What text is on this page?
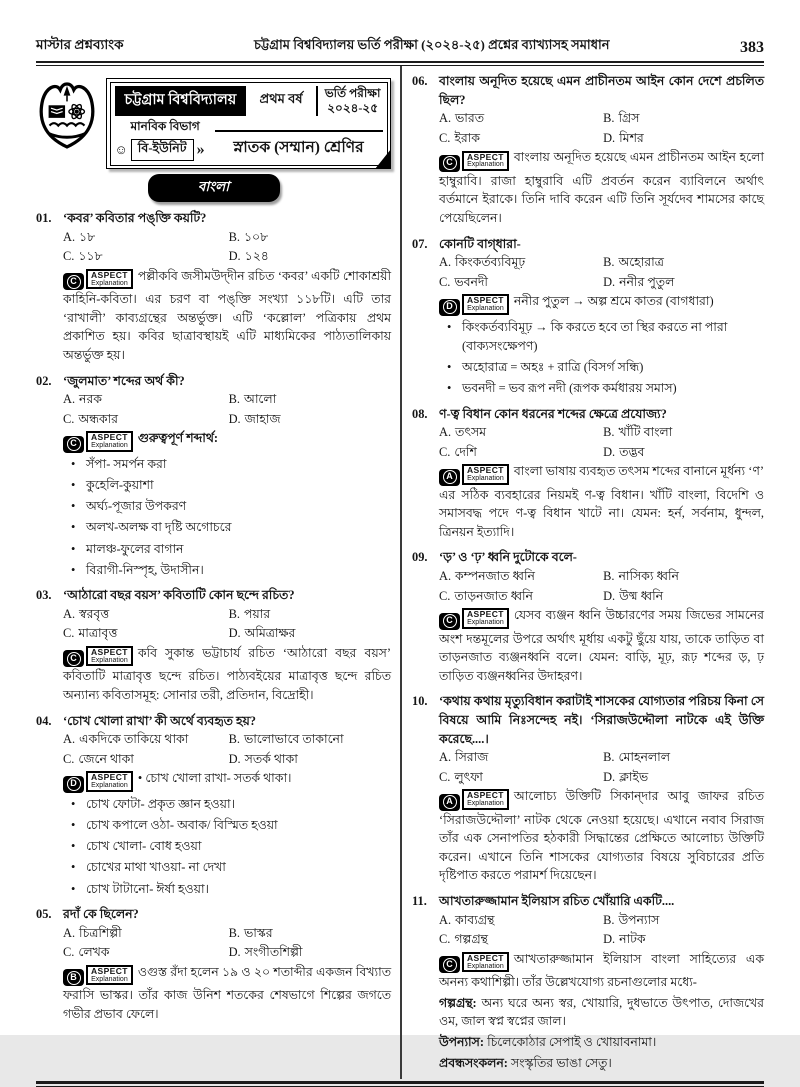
মাস্টার প্রশ্নব্যাংক	চট্টগ্রাম বিশ্ববিদ্যালয় ভর্তি পরীক্ষা (২০২৪-২৫) প্রশ্নের ব্যাখ্যাসহ সমাধান	383
চট্টগ্রাম বিশ্ববিদ্যালয়	প্রথম বর্ষ	ভর্তি পরীক্ষা
২০২৪-২৫
মানবিক বিভাগ
☺ বি-ইউনিট »	স্নাতক (সম্মান) শ্রেণির
বাংলা
01. ‘কবর’ কবিতার পঙ্‌ক্তি কয়টি?
A. ১৮	B. ১০৮
C. ১১৮	D. ১২৪
C
ASPECT
Explanation
পল্লীকবি জসীমউদ্‌দীন রচিত ‘কবর’ একটি শোকাশ্রয়ী কাহিনি-কবিতা। এর চরণ বা পঙ্‌ক্তি সংখ্যা ১১৮টি। এটি তার ‘রাখালী’ কাব্যগ্রন্থের অন্তর্ভুক্ত। এটি ‘কল্লোল’ পত্রিকায় প্রথম প্রকাশিত হয়। কবির ছাত্রাবস্থায়ই এটি মাধ্যমিকের পাঠ্যতালিকায় অন্তর্ভুক্ত হয়।
02. ‘জুলমাত’ শব্দের অর্থ কী?
A. নরক	B. আলো
C. অন্ধকার	D. জাহাজ
C
ASPECT
Explanation
গুরুত্বপূর্ণ শব্দার্থ:
• সঁপা- সমর্পন করা
• কুহেলি-কুয়াশা
• অর্ঘ্য-পূজার উপকরণ
• অলখ-অলক্ষ বা দৃষ্টি অগোচরে
• মালঞ্চ-ফুলের বাগান
• বিরাগী-নিস্পৃহ, উদাসীন।
03. ‘আঠারো বছর বয়স’ কবিতাটি কোন ছন্দে রচিত?
A. স্বরবৃত্ত	B. পয়ার
C. মাত্রাবৃত্ত	D. অমিত্রাক্ষর
C
ASPECT
Explanation
কবি সুকান্ত ভট্টাচার্য রচিত ‘আঠারো বছর বয়স’ কবিতাটি মাত্রাবৃত্ত ছন্দে রচিত। পাঠ্যবইয়ের মাত্রাবৃত্ত ছন্দে রচিত অন্যান্য কবিতাসমূহ: সোনার তরী, প্রতিদান, বিদ্রোহী।
04. ‘চোখ খোলা রাখা’ কী অর্থে ব্যবহৃত হয়?
A. একদিকে তাকিয়ে থাকা	B. ভালোভাবে তাকানো
C. জেনে থাকা	D. সতর্ক থাকা
D
ASPECT
Explanation
• চোখ খোলা রাখা- সতর্ক থাকা।
• চোখ ফোটা- প্রকৃত জ্ঞান হওয়া।
• চোখ কপালে ওঠা- অবাক/ বিস্মিত হওয়া
• চোখ খোলা- বোধ হওয়া
• চোখের মাথা খাওয়া- না দেখা
• চোখ টাটানো- ঈর্ষা হওয়া।
05. রদাঁ কে ছিলেন?
A. চিত্রশিল্পী	B. ভাস্কর
C. লেখক	D. সংগীতশিল্পী
B
ASPECT
Explanation
ওগুস্ত রঁদা হলেন ১৯ ও ২০ শতাব্দীর একজন বিখ্যাত ফরাসি ভাস্কর। তাঁর কাজ উনিশ শতকের শেষভাগে শিল্পের জগতে গভীর প্রভাব ফেলে।
06. বাংলায় অনূদিত হয়েছে এমন প্রাচীনতম আইন কোন দেশে প্রচলিত ছিল?
A. ভারত	B. গ্রিস
C. ইরাক	D. মিশর
C
ASPECT
Explanation
বাংলায় অনূদিত হয়েছে এমন প্রাচীনতম আইন হলো হাম্বুরাবি। রাজা হাম্বুরাবি এটি প্রবর্তন করেন ব্যাবিলনে অর্থাৎ বর্তমানে ইরাকে। তিনি দাবি করেন এটি তিনি সূর্যদেব শামসের কাছে পেয়েছিলেন।
07. কোনটি বাগ্‌ধারা-
A. কিংকর্তব্যবিমূঢ়	B. অহোরাত্র
C. ভবনদী	D. ননীর পুতুল
D
ASPECT
Explanation
ননীর পুতুল → অল্প শ্রমে কাতর (বাগধারা)
• কিংকর্তব্যবিমূঢ় → কি করতে হবে তা স্থির করতে না পারা (বাক্যসংক্ষেপণ)
• অহোরাত্র = অহঃ + রাত্রি (বিসর্গ সন্ধি)
• ভবনদী = ভব রূপ নদী (রূপক কর্মধারয় সমাস)
08. ণ-ত্ব বিধান কোন ধরনের শব্দের ক্ষেত্রে প্রযোজ্য?
A. তৎসম	B. খাঁটি বাংলা
C. দেশি	D. তদ্ভব
A
ASPECT
Explanation
বাংলা ভাষায় ব্যবহৃত তৎসম শব্দের বানানে মূর্ধন্য ‘ণ’ এর সঠিক ব্যবহারের নিয়মই ণ-ত্ব বিধান। খাঁটি বাংলা, বিদেশি ও সমাসবদ্ধ পদে ণ-ত্ব বিধান খাটে না। যেমন: হর্ন, সর্বনাম, ধুন্দল, ত্রিনয়ন ইত্যাদি।
09. ‘ড়’ ও ‘ঢ়’ ধ্বনি দুটোকে বলে-
A. কম্পনজাত ধ্বনি	B. নাসিক্য ধ্বনি
C. তাড়নজাত ধ্বনি	D. উষ্ম ধ্বনি
C
ASPECT
Explanation
যেসব ব্যঞ্জন ধ্বনি উচ্চারণের সময় জিভের সামনের অংশ দন্তমূলের উপরে অর্থাৎ মূর্ধায় একটু ছুঁয়ে যায়, তাকে তাড়িত বা তাড়নজাত ব্যঞ্জনধ্বনি বলে। যেমন: বাড়ি, মূঢ়, রূঢ় শব্দের ড়, ঢ় তাড়িত ব্যঞ্জনধ্বনির উদাহরণ।
10. ‘কথায় কথায় মৃত্যুবিধান করাটাই শাসকের যোগ্যতার পরিচয় কিনা সে বিষয়ে আমি নিঃসন্দেহ নই। ‘সিরাজউদ্দৌলা নাটকে এই উক্তি করেছে....।
A. সিরাজ	B. মোহনলাল
C. লুৎফা	D. ক্লাইভ
A
ASPECT
Explanation
আলোচ্য উক্তিটি সিকান্‌দার আবু জাফর রচিত ‘সিরাজউদ্দৌলা’ নাটক থেকে নেওয়া হয়েছে। এখানে নবাব সিরাজ তাঁর এক সেনাপতির হঠকারী সিদ্ধান্তের প্রেক্ষিতে আলোচ্য উক্তিটি করেন। এখানে তিনি শাসকের যোগ্যতার বিষয়ে সুবিচারের প্রতি দৃষ্টিপাত করতে পরামর্শ দিয়েছেন।
11. আখতারুজ্জামান ইলিয়াস রচিত খোঁয়ারি একটি....
A. কাব্যগ্রন্থ	B. উপন্যাস
C. গল্পগ্রন্থ	D. নাটক
C
ASPECT
Explanation
আখতারুজ্জামান ইলিয়াস বাংলা সাহিত্যের এক অনন্য কথাশিল্পী। তাঁর উল্লেখযোগ্য রচনাগুলোর মধ্যে-
গল্পগ্রন্থ: অন্য ঘরে অন্য স্বর, খোয়ারি, দুধভাতে উৎপাত, দোজখের ওম, জাল স্বপ্ন স্বপ্নের জাল।
উপন্যাস: চিলেকোঠার সেপাই ও খোয়াবনামা।
প্রবন্ধসংকলন: সংস্কৃতির ভাঙা সেতু।
